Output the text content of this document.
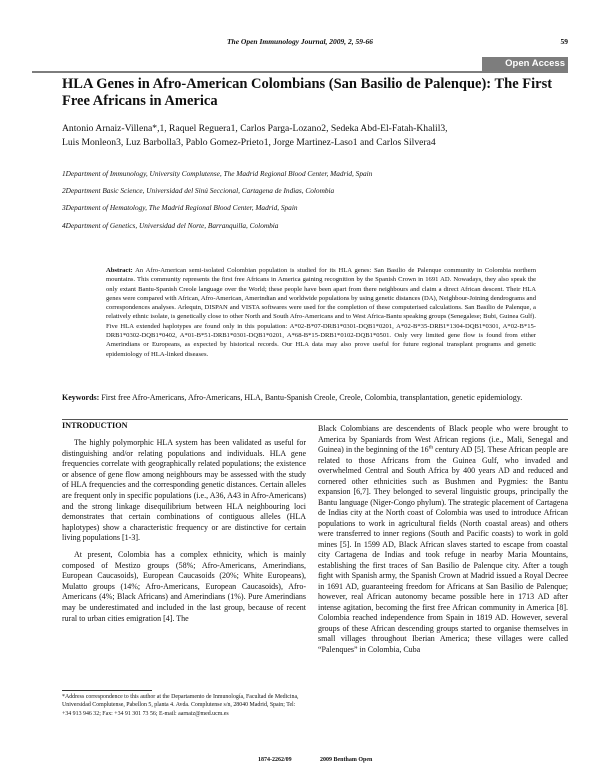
The Open Immunology Journal, 2009, 2, 59-66	59
Open Access
HLA Genes in Afro-American Colombians (San Basilio de Palenque): The First Free Africans in America
Antonio Arnaiz-Villena*,1, Raquel Reguera1, Carlos Parga-Lozano2, Sedeka Abd-El-Fatah-Khalil3,
Luis Monleon3, Luz Barbolla3, Pablo Gomez-Prieto1, Jorge Martinez-Laso1 and Carlos Silvera4
1Department of Immunology, University Complutense, The Madrid Regional Blood Center, Madrid, Spain
2Department Basic Science, Universidad del Sinú Seccional, Cartagena de Indias, Colombia
3Department of Hematology, The Madrid Regional Blood Center, Madrid, Spain
4Department of Genetics, Universidad del Norte, Barranquilla, Colombia
Abstract: An Afro-American semi-isolated Colombian population is studied for its HLA genes: San Basilio de Palenque community in Colombia northern mountains. This community represents the first free Africans in America gaining recognition by the Spanish Crown in 1691 AD. Nowadays, they also speak the only extant Bantu-Spanish Creole language over the World; these people have been apart from there neighbours and claim a direct African descent. Their HLA genes were compared with African, Afro-American, Amerindian and worldwide populations by using genetic distances (DA), Neighbour-Joining dendrograms and correspondences analyses. Arlequin, DISPAN and VISTA softwares were used for the completion of these computerised calculations. San Basilio de Palenque, a relatively ethnic isolate, is genetically close to other North and South Afro-Americans and to West Africa-Bantu speaking groups (Senegalese; Bubi, Guinea Gulf). Five HLA extended haplotypes are found only in this population: A*02-B*07-DRB1*0301-DQB1*0201, A*02-B*35-DRB1*1304-DQB1*0301, A*02-B*15-DRB1*0302-DQB1*0402, A*01-B*51-DRB1*0301-DQB1*0201, A*68-B*15-DRB1*0102-DQB1*0501. Only very limited gene flow is found from either Amerindians or Europeans, as expected by historical records. Our HLA data may also prove useful for future regional transplant programs and genetic epidemiology of HLA-linked diseases.
Keywords: First free Afro-Americans, Afro-Americans, HLA, Bantu-Spanish Creole, Creole, Colombia, transplantation, genetic epidemiology.
INTRODUCTION

The highly polymorphic HLA system has been validated as useful for distinguishing and/or relating populations and individuals. HLA gene frequencies correlate with geographically related populations; the existence or absence of gene flow among neighbours may be assessed with the study of HLA frequencies and the corresponding genetic distances. Certain alleles are frequent only in specific populations (i.e., A36, A43 in Afro-Americans) and the strong linkage disequilibrium between HLA neighbouring loci demonstrates that certain combinations of contiguous alleles (HLA haplotypes) show a characteristic frequency or are distinctive for certain living populations [1-3].

At present, Colombia has a complex ethnicity, which is mainly composed of Mestizo groups (58%; Afro-Americans, Amerindians, European Caucasoids), European Caucasoids (20%; White Europeans), Mulatto groups (14%; Afro-Americans, European Caucasoids), Afro-Americans (4%; Black Africans) and Amerindians (1%). Pure Amerindians may be underestimated and included in the last group, because of recent rural to urban cities emigration [4]. The

Black Colombians are descendents of Black people who were brought to America by Spaniards from West African regions (i.e., Mali, Senegal and Guinea) in the beginning of the 16th century AD [5]. These African people are related to those Africans from the Guinea Gulf, who invaded and overwhelmed Central and South Africa by 400 years AD and reduced and cornered other ethnicities such as Bushmen and Pygmies: the Bantu expansion [6,7]. They belonged to several linguistic groups, principally the Bantu language (Niger-Congo phylum). The strategic placement of Cartagena de Indias city at the North coast of Colombia was used to introduce African populations to work in agricultural fields (North coastal areas) and others were transferred to inner regions (South and Pacific coasts) to work in gold mines [5]. In 1599 AD, Black African slaves started to escape from coastal city Cartagena de Indias and took refuge in nearby Maria Mountains, establishing the first traces of San Basilio de Palenque city. After a tough fight with Spanish army, the Spanish Crown at Madrid issued a Royal Decree in 1691 AD, guaranteeing freedom for Africans at San Basilio de Palenque; however, real African autonomy became possible here in 1713 AD after intense agitation, becoming the first free African community in America [8]. Colombia reached independence from Spain in 1819 AD. However, several groups of these African descending groups started to organise themselves in small villages throughout Iberian America; these villages were called “Palenques” in Colombia, Cuba

*Address correspondence to this author at the Departamento de Inmunología, Facultad de Medicina, Universidad Complutense, Pabellon 5, planta 4. Avda. Complutense s/n, 28040 Madrid, Spain; Tel: +34 913 946 32; Fax: +34 91 301 73 56; E-mail: aarnaiz@med.ucm.es
1874-2262/09	2009 Bentham Open
